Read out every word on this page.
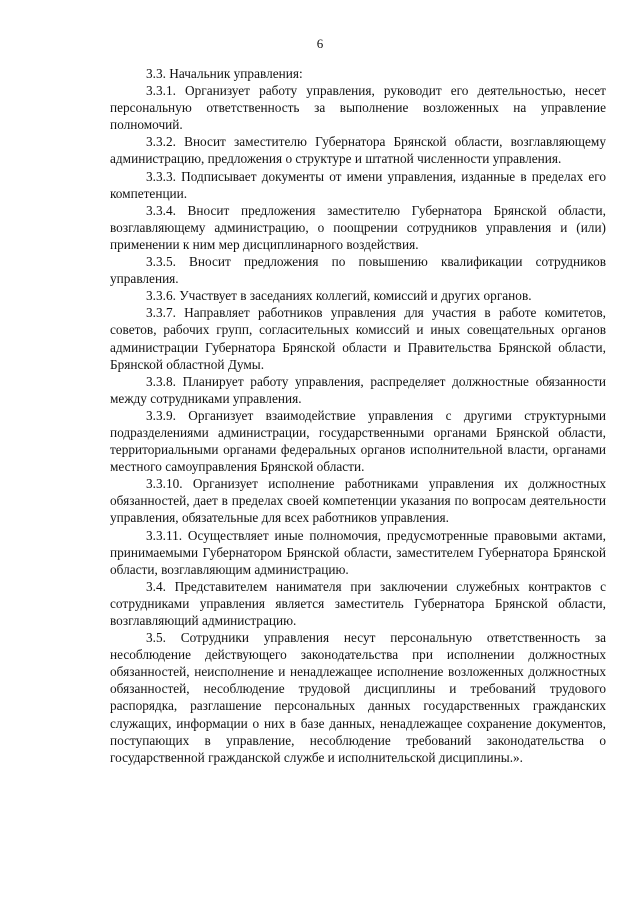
6

3.3. Начальник управления:

3.3.1. Организует работу управления, руководит его деятельностью, несет персональную ответственность за выполнение возложенных на управление полномочий.

3.3.2. Вносит заместителю Губернатора Брянской области, возглавляющему администрацию, предложения о структуре и штатной численности управления.

3.3.3. Подписывает документы от имени управления, изданные в пределах его компетенции.

3.3.4. Вносит предложения заместителю Губернатора Брянской области, возглавляющему администрацию, о поощрении сотрудников управления и (или) применении к ним мер дисциплинарного воздействия.

3.3.5. Вносит предложения по повышению квалификации сотрудников управления.

3.3.6. Участвует в заседаниях коллегий, комиссий и других органов.

3.3.7. Направляет работников управления для участия в работе комитетов, советов, рабочих групп, согласительных комиссий и иных совещательных органов администрации Губернатора Брянской области и Правительства Брянской области, Брянской областной Думы.

3.3.8. Планирует работу управления, распределяет должностные обязанности между сотрудниками управления.

3.3.9. Организует взаимодействие управления с другими структурными подразделениями администрации, государственными органами Брянской области, территориальными органами федеральных органов исполнительной власти, органами местного самоуправления Брянской области.

3.3.10. Организует исполнение работниками управления их должностных обязанностей, дает в пределах своей компетенции указания по вопросам деятельности управления, обязательные для всех работников управления.

3.3.11. Осуществляет иные полномочия, предусмотренные правовыми актами, принимаемыми Губернатором Брянской области, заместителем Губернатора Брянской области, возглавляющим администрацию.

3.4. Представителем нанимателя при заключении служебных контрактов с сотрудниками управления является заместитель Губернатора Брянской области, возглавляющий администрацию.

3.5. Сотрудники управления несут персональную ответственность за несоблюдение действующего законодательства при исполнении должностных обязанностей, неисполнение и ненадлежащее исполнение возложенных должностных обязанностей, несоблюдение трудовой дисциплины и требований трудового распорядка, разглашение персональных данных государственных гражданских служащих, информации о них в базе данных, ненадлежащее сохранение документов, поступающих в управление, несоблюдение требований законодательства о государственной гражданской службе и исполнительской дисциплины.».
